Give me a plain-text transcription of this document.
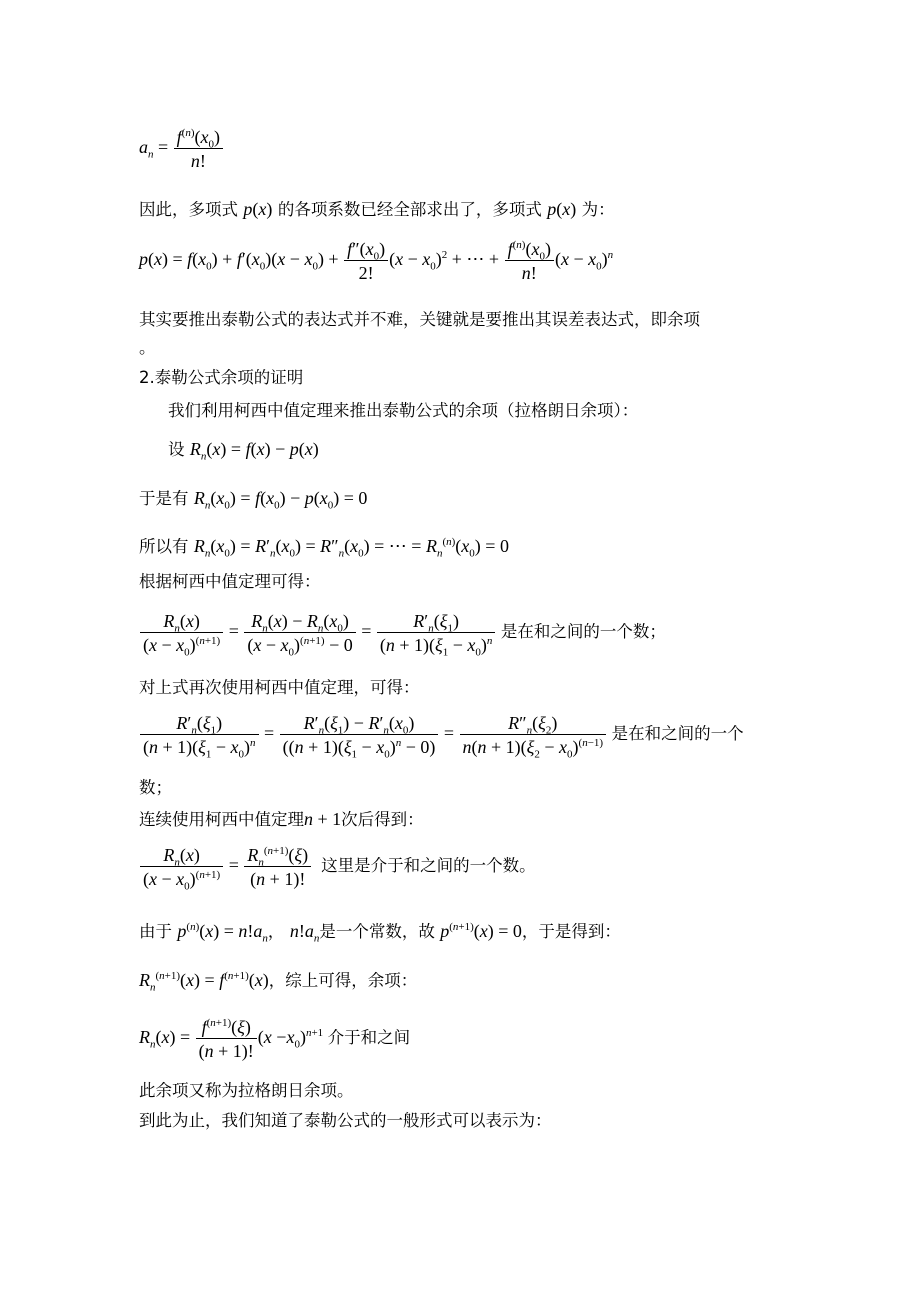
$a_n = \frac{f^{(n)}(x_0)}{n!}$
因此，多项式 p(x) 的各项系数已经全部求出了，多项式 p(x) 为：
$p(x) = f(x_0) + f'(x_0)(x - x_0) + \frac{f''(x_0)}{2!} (x - x_0)^2$ + ⋯ + $\frac{f^{(n)}(x_0)}{n!} (x - x_0)^n$
其实要推出泰勒公式的表达式并不难，关键就是要推出其误差表达式，即余项
。
2.泰勒公式余项的证明
我们利用柯西中值定理来推出泰勒公式的余项（拉格朗日余项）：
设 $R_n(x) = f(x) - p(x)$
于是有 $R_n(x_0) = f(x_0) - p(x_0) = 0$
所以有 $R_n(x_0) = R'_n(x_0) = R''_n(x_0)$ = ⋯ = $R_n^{(n)}(x_0) = 0$
根据柯西中值定理可得：
$\frac{R_n(x)}{(x - x_0)^{(n+1)}} = \frac{R_n(x) - R_n(x_0)}{(x - x_0)^{(n+1)} - 0} = \frac{R'_n(\xi_1)}{(n + 1)(\xi_1 - x_0)^n}$ 是在和之间的一个数；
对上式再次使用柯西中值定理，可得：
$\frac{R'_n(\xi_1)}{(n + 1)(\xi_1 - x_0)^n} = \frac{R'_n(\xi_1) - R'_n(x_0)}{((n + 1)(\xi_1 - x_0)^n - 0)} = \frac{R''_n(\xi_2)}{n(n + 1)(\xi_2 - x_0)^{(n-1)}}$ 是在和之间的一个
数；
连续使用柯西中值定理n + 1次后得到：
$\frac{R_n(x)}{(x - x_0)^{(n+1)}} = \frac{R_n^{(n+1)}(\xi)}{(n + 1)!}$ 这里是介于和之间的一个数。
由于 $p^{(n)}(x) = n!a_n$， $n!a_n$是一个常数，故 $p^{(n+1)}(x) = 0$，于是得到：
$R_n^{(n+1)}(x) = f^{(n+1)}(x)$，综上可得，余项：
$R_n(x) = \frac{f^{(n+1)}(\xi)}{(n + 1)!} (x -x_0)^{n+1}$ 介于和之间
此余项又称为拉格朗日余项。
到此为止，我们知道了泰勒公式的一般形式可以表示为：
